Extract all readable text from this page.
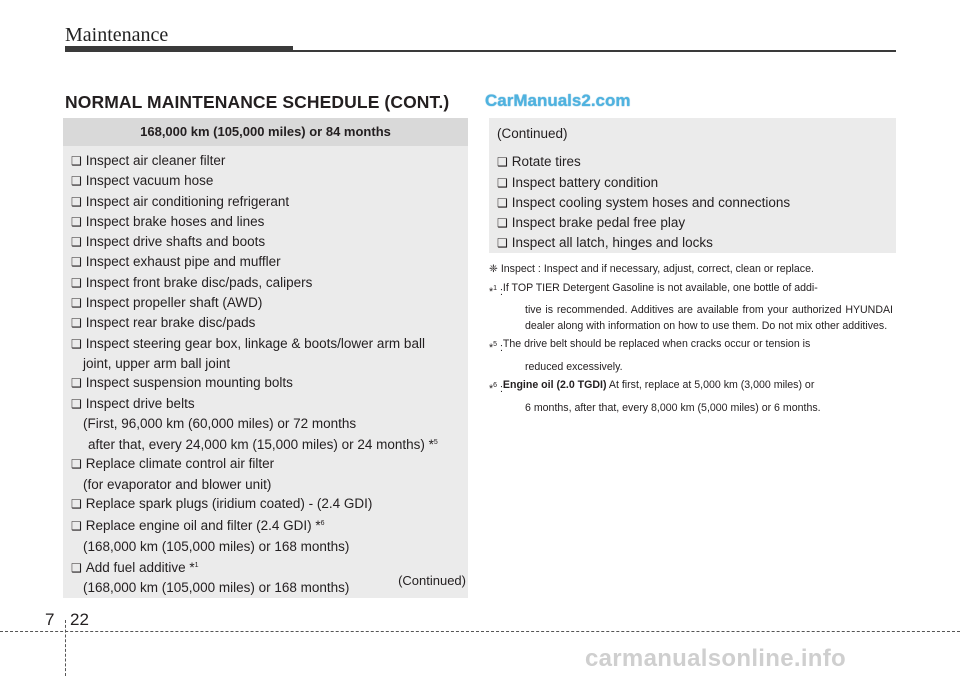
Maintenance
NORMAL MAINTENANCE SCHEDULE (CONT.) CarManuals2.com
168,000 km (105,000 miles) or 84 months
❑ Inspect air cleaner filter
❑ Inspect vacuum hose
❑ Inspect air conditioning refrigerant
❑ Inspect brake hoses and lines
❑ Inspect drive shafts and boots
❑ Inspect exhaust pipe and muffler
❑ Inspect front brake disc/pads, calipers
❑ Inspect propeller shaft (AWD)
❑ Inspect rear brake disc/pads
❑ Inspect steering gear box, linkage & boots/lower arm ball
joint, upper arm ball joint
❑ Inspect suspension mounting bolts
❑ Inspect drive belts
(First, 96,000 km (60,000 miles) or 72 months
after that, every 24,000 km (15,000 miles) or 24 months) *$^5$
❑ Replace climate control air filter
(for evaporator and blower unit)
❑ Replace spark plugs (iridium coated) - (2.4 GDI)
❑ Replace engine oil and filter (2.4 GDI) *$^6$
(168,000 km (105,000 miles) or 168 months)
❑ Add fuel additive *$^1$
(168,000 km (105,000 miles) or 168 months)	(Continued)
(Continued)
❑ Rotate tires
❑ Inspect battery condition
❑ Inspect cooling system hoses and connections
❑ Inspect brake pedal free play
❑ Inspect all latch, hinges and locks
❈ Inspect :
Inspect and if necessary, adjust, correct, clean or replace.
*$^1$ : If TOP TIER Detergent Gasoline is not available, one bottle of addi-
tive is recommended. Additives are available from your authorized HYUNDAI dealer along with information on how to use them. Do not mix other additives.
*$^5$ : The drive belt should be replaced when cracks occur or tension is
reduced excessively.
*$^6$ : Engine oil (2.0 TGDI) At first, replace at 5,000 km (3,000 miles) or
6 months, after that, every 8,000 km (5,000 miles) or 6 months.
7 22
carmanualsonline.info
